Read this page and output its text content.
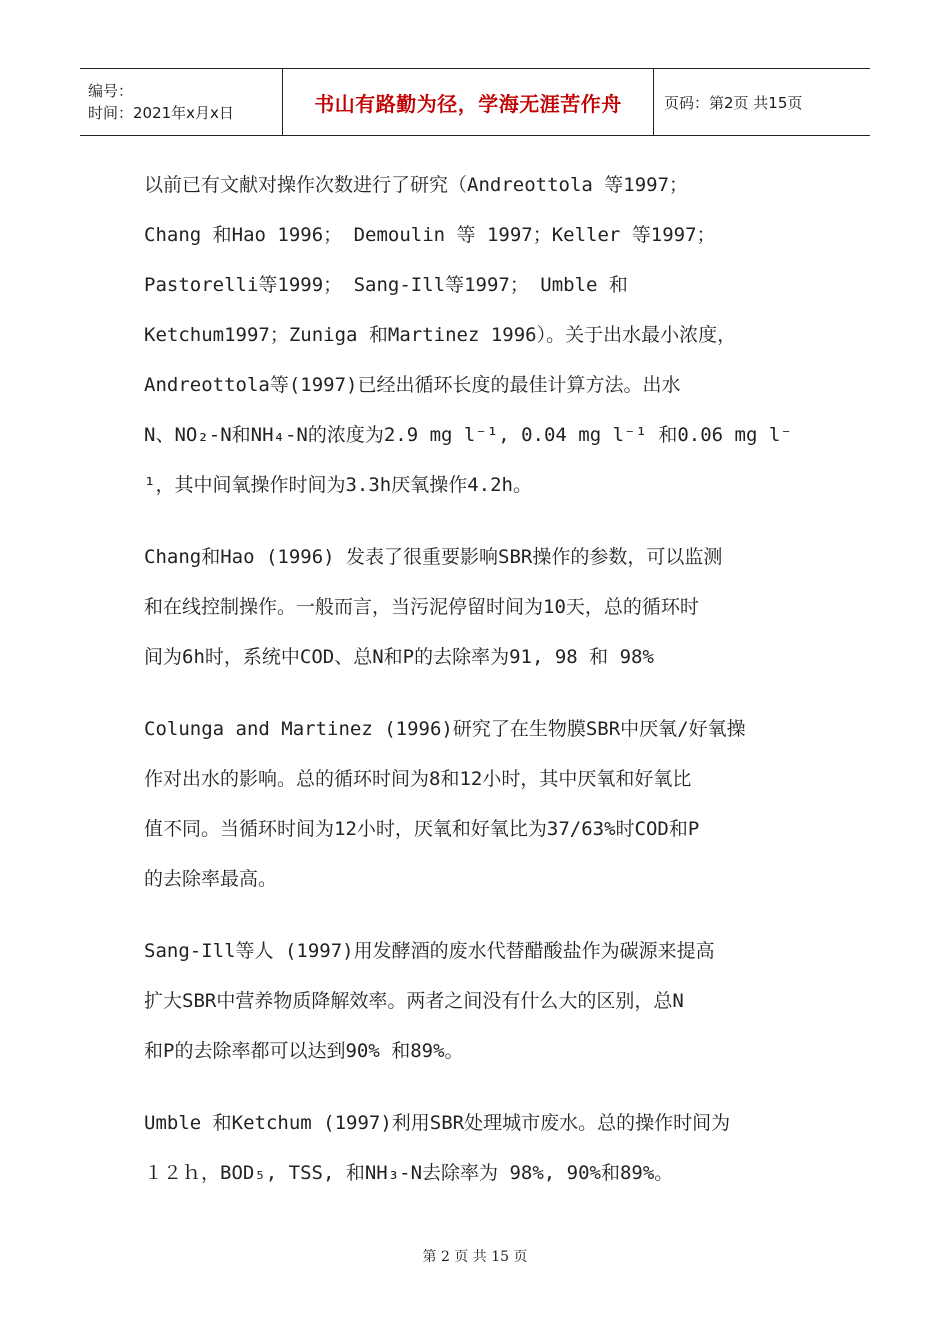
编号：
时间：2021年x月x日	书山有路勤为径，学海无涯苦作舟	页码：第2页 共15页
以前已有文献对操作次数进行了研究（Andreottola 等1997；
Chang 和Hao 1996； Demoulin 等 1997；Keller 等1997；
Pastorelli等1999； Sang-Ill等1997； Umble 和
Ketchum1997；Zuniga 和Martinez 1996）。关于出水最小浓度，
Andreottola等(1997)已经出循环长度的最佳计算方法。出水
N、NO₂-N和NH₄-N的浓度为2.9 mg l⁻¹, 0.04 mg l⁻¹ 和0.06 mg l⁻
¹，其中间氧操作时间为3.3h厌氧操作4.2h。
Chang和Hao (1996) 发表了很重要影响SBR操作的参数，可以监测
和在线控制操作。一般而言，当污泥停留时间为10天，总的循环时
间为6h时，系统中COD、总N和P的去除率为91, 98 和 98%
Colunga and Martinez (1996)研究了在生物膜SBR中厌氧/好氧操
作对出水的影响。总的循环时间为8和12小时，其中厌氧和好氧比
值不同。当循环时间为12小时，厌氧和好氧比为37/63%时COD和P
的去除率最高。
Sang-Ill等人 (1997)用发酵酒的废水代替醋酸盐作为碳源来提高
扩大SBR中营养物质降解效率。两者之间没有什么大的区别，总N
和P的去除率都可以达到90% 和89%。
Umble 和Ketchum (1997)利用SBR处理城市废水。总的操作时间为
１２ｈ，BOD₅, TSS, 和NH₃-N去除率为 98%, 90%和89%。
第 2 页 共 15 页
